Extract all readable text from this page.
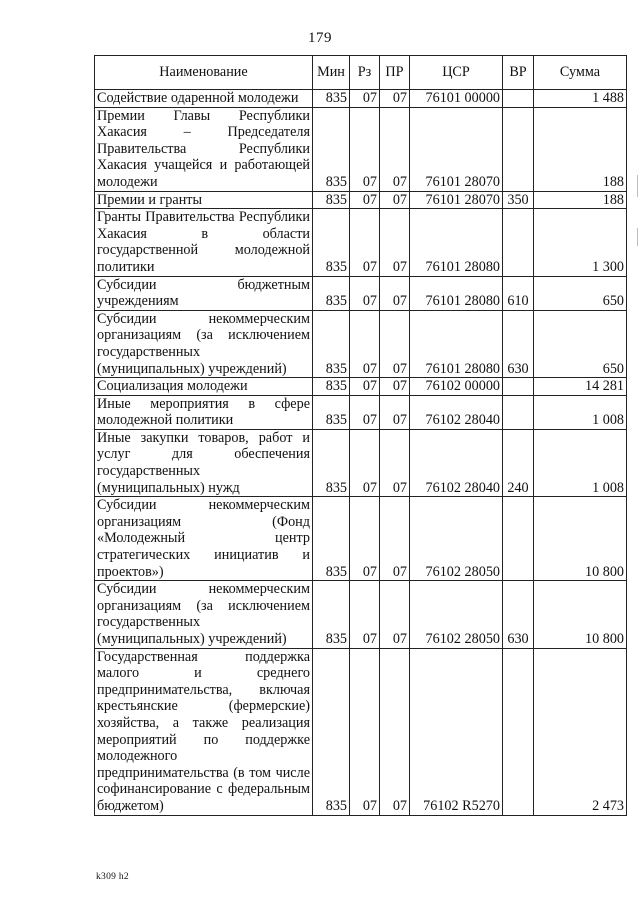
179
Наименование	Мин	Рз	ПР	ЦСР	ВР	Сумма
Содействие одаренной молодежи	835	07	07	76101 00000		1 488
Премии Главы Республики Хакасия – Председателя Правительства Республики Хакасия учащейся и работающей молодежи	835	07	07	76101 28070		188
Премии и гранты	835	07	07	76101 28070	350	188
Гранты Правительства Республики Хакасия в области государственной молодежной политики	835	07	07	76101 28080		1 300
Субсидии бюджетным учреждениям	835	07	07	76101 28080	610	650
Субсидии некоммерческим организациям (за исключением государственных (муниципальных) учреждений)	835	07	07	76101 28080	630	650
Социализация молодежи	835	07	07	76102 00000		14 281
Иные мероприятия в сфере молодежной политики	835	07	07	76102 28040		1 008
Иные закупки товаров, работ и услуг для обеспечения государственных (муниципальных) нужд	835	07	07	76102 28040	240	1 008
Субсидии некоммерческим организациям (Фонд «Молодежный центр стратегических инициатив и проектов»)	835	07	07	76102 28050		10 800
Субсидии некоммерческим организациям (за исключением государственных (муниципальных) учреждений)	835	07	07	76102 28050	630	10 800
Государственная поддержка малого и среднего предпринимательства, включая крестьянские (фермерские) хозяйства, а также реализация мероприятий по поддержке молодежного предпринимательства (в том числе софинансирование с федеральным бюджетом)	835	07	07	76102 R5270		2 473
k309 h2
